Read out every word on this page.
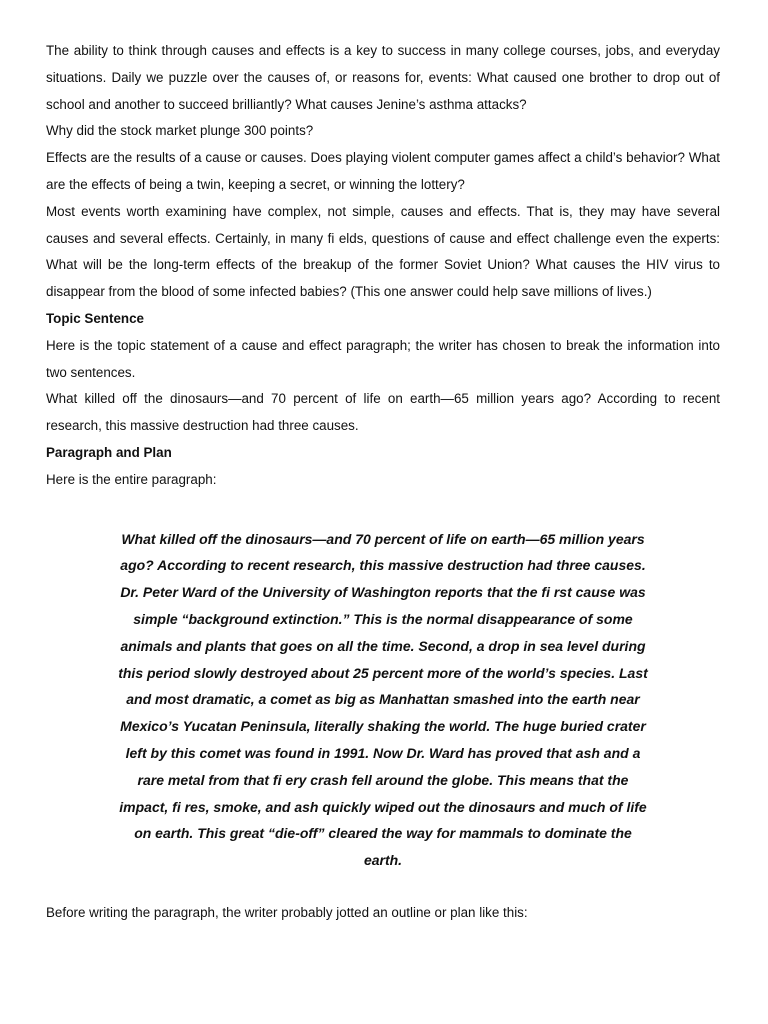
The ability to think through causes and effects is a key to success in many college courses, jobs, and everyday situations. Daily we puzzle over the causes of, or reasons for, events: What caused one brother to drop out of school and another to succeed brilliantly? What causes Jenine’s asthma attacks?

Why did the stock market plunge 300 points?

Effects are the results of a cause or causes. Does playing violent computer games affect a child’s behavior? What are the effects of being a twin, keeping a secret, or winning the lottery?

Most events worth examining have complex, not simple, causes and effects. That is, they may have several causes and several effects. Certainly, in many fi elds, questions of cause and effect challenge even the experts: What will be the long-term effects of the breakup of the former Soviet Union? What causes the HIV virus to disappear from the blood of some infected babies? (This one answer could help save millions of lives.)

Topic Sentence

Here is the topic statement of a cause and effect paragraph; the writer has chosen to break the information into two sentences.

What killed off the dinosaurs—and 70 percent of life on earth—65 million years ago? According to recent research, this massive destruction had three causes.

Paragraph and Plan

Here is the entire paragraph:

What killed off the dinosaurs—and 70 percent of life on earth—65 million years ago? According to recent research, this massive destruction had three causes. Dr. Peter Ward of the University of Washington reports that the fi rst cause was simple “background extinction.” This is the normal disappearance of some animals and plants that goes on all the time. Second, a drop in sea level during this period slowly destroyed about 25 percent more of the world’s species. Last and most dramatic, a comet as big as Manhattan smashed into the earth near Mexico’s Yucatan Peninsula, literally shaking the world. The huge buried crater left by this comet was found in 1991. Now Dr. Ward has proved that ash and a rare metal from that fi ery crash fell around the globe. This means that the impact, fi res, smoke, and ash quickly wiped out the dinosaurs and much of life on earth. This great “die-off” cleared the way for mammals to dominate the earth.

Before writing the paragraph, the writer probably jotted an outline or plan like this:
